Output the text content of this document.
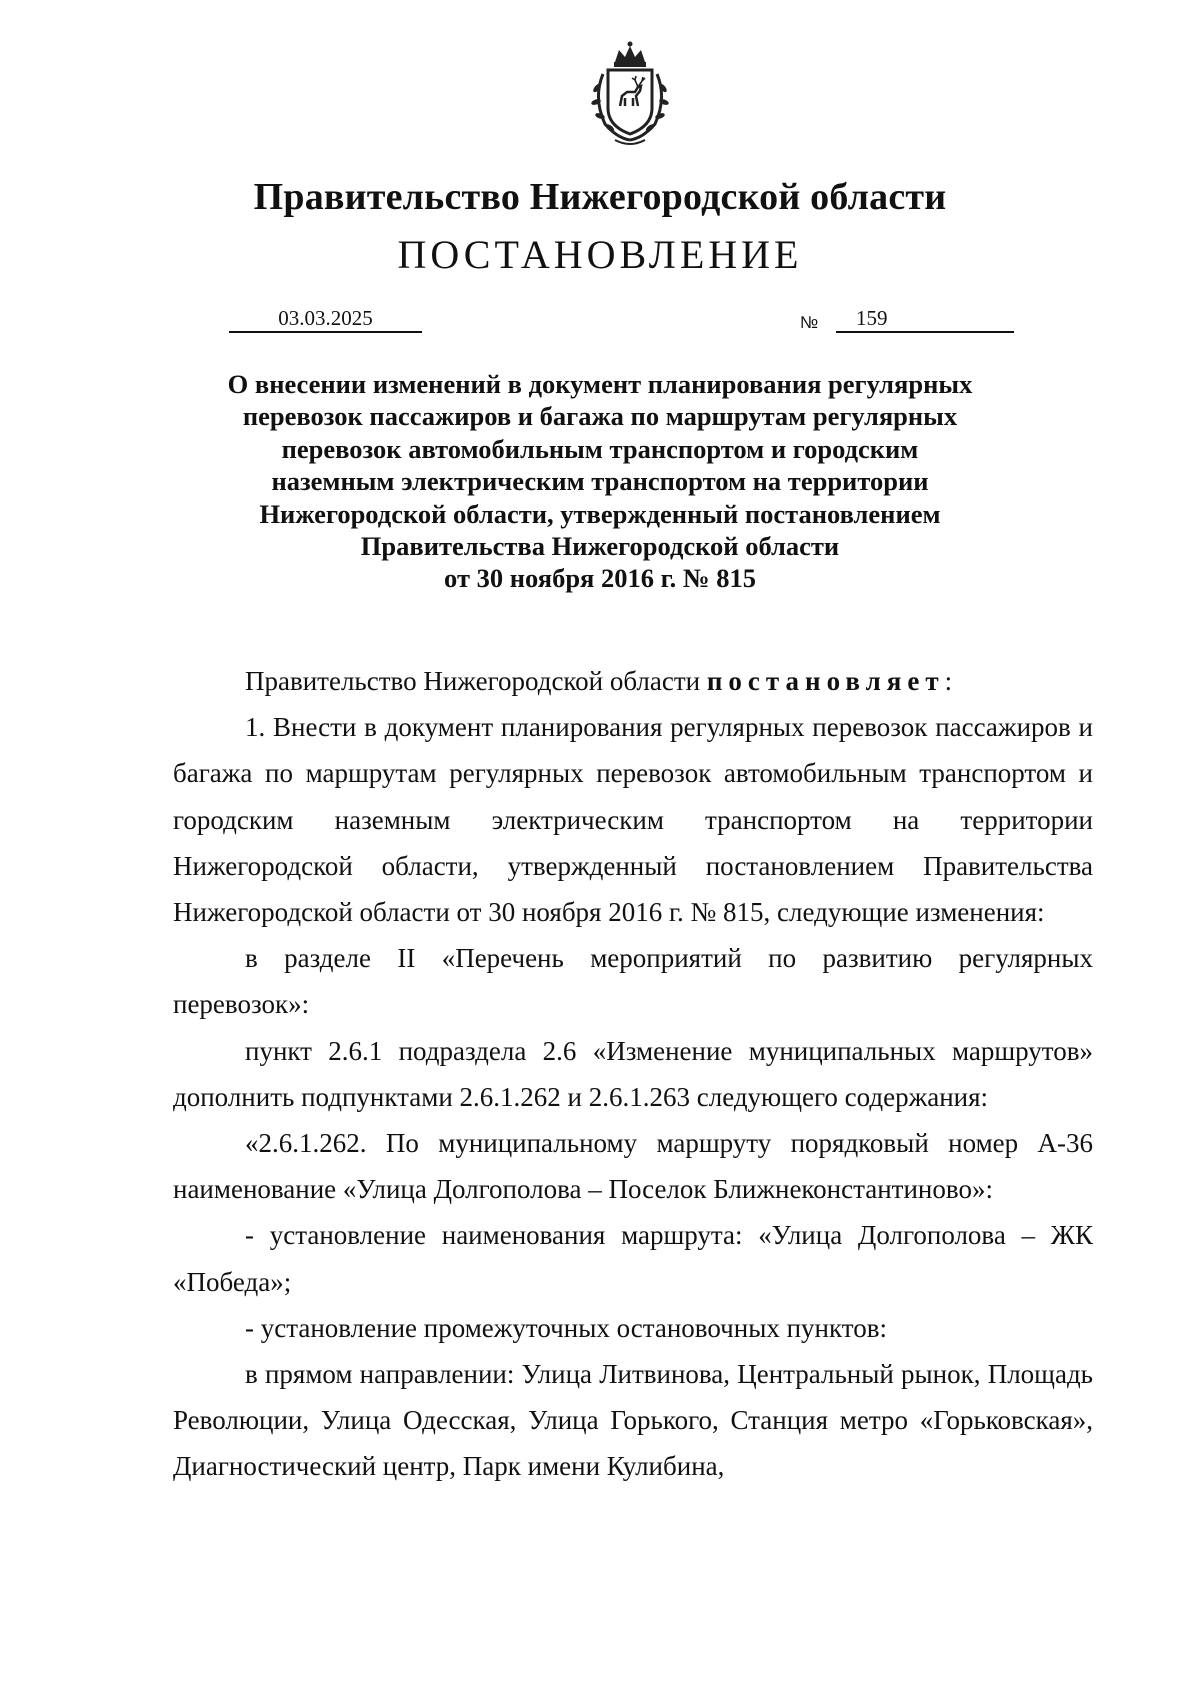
Правительство Нижегородской области
ПОСТАНОВЛЕНИЕ
03.03.2025	№	159
О внесении изменений в документ планирования регулярных
перевозок пассажиров и багажа по маршрутам регулярных
перевозок автомобильным транспортом и городским
наземным электрическим транспортом на территории
Нижегородской области, утвержденный постановлением
Правительства Нижегородской области
от 30 ноября 2016 г. № 815

Правительство Нижегородской области постановляет:

1. Внести в документ планирования регулярных перевозок пассажиров и багажа по маршрутам регулярных перевозок автомобильным транспортом и городским наземным электрическим транспортом на территории Нижегородской области, утвержденный постановлением Правительства Нижегородской области от 30 ноября 2016 г. № 815, следующие изменения:

в разделе II «Перечень мероприятий по развитию регулярных перевозок»:

пункт 2.6.1 подраздела 2.6 «Изменение муниципальных маршрутов» дополнить подпунктами 2.6.1.262 и 2.6.1.263 следующего содержания:

«2.6.1.262. По муниципальному маршруту порядковый номер А-36 наименование «Улица Долгополова – Поселок Ближнеконстантиново»:

- установление наименования маршрута: «Улица Долгополова – ЖК «Победа»;

- установление промежуточных остановочных пунктов:

в прямом направлении: Улица Литвинова, Центральный рынок, Площадь Революции, Улица Одесская, Улица Горького, Станция метро «Горьковская», Диагностический центр, Парк имени Кулибина,
